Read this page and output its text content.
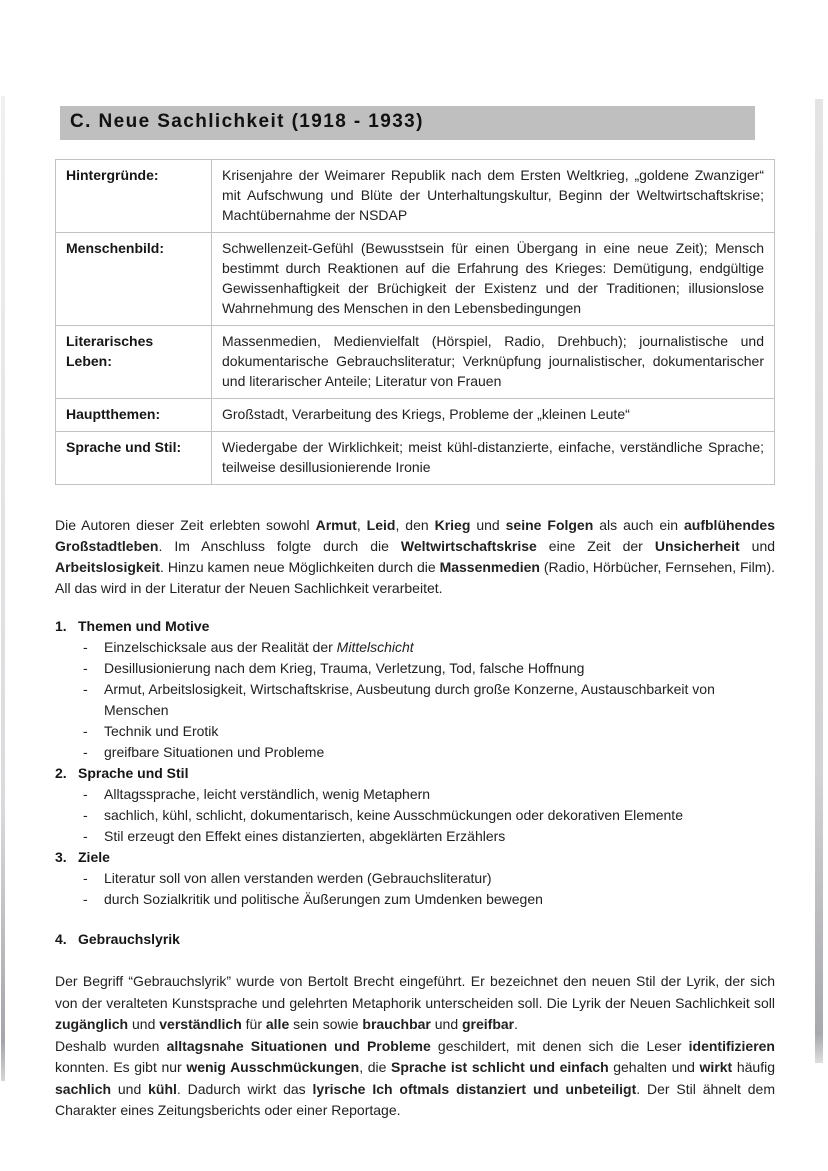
C. Neue Sachlichkeit (1918 - 1933)
Hintergründe:	Krisenjahre der Weimarer Republik nach dem Ersten Weltkrieg, „goldene Zwanziger“ mit Aufschwung und Blüte der Unterhaltungskultur, Beginn der Weltwirtschaftskrise; Machtübernahme der NSDAP
Menschenbild:	Schwellenzeit-Gefühl (Bewusstsein für einen Übergang in eine neue Zeit); Mensch bestimmt durch Reaktionen auf die Erfahrung des Krieges: Demütigung, endgültige Gewissenhaftigkeit der Brüchigkeit der Existenz und der Traditionen; illusionslose Wahrnehmung des Menschen in den Lebensbedingungen
Literarisches Leben:	Massenmedien, Medienvielfalt (Hörspiel, Radio, Drehbuch); journalistische und dokumentarische Gebrauchsliteratur; Verknüpfung journalistischer, dokumentarischer und literarischer Anteile; Literatur von Frauen
Hauptthemen:	Großstadt, Verarbeitung des Kriegs, Probleme der „kleinen Leute“
Sprache und Stil:	Wiedergabe der Wirklichkeit; meist kühl-distanzierte, einfache, verständliche Sprache; teilweise desillusionierende Ironie

Die Autoren dieser Zeit erlebten sowohl Armut, Leid, den Krieg und seine Folgen als auch ein aufblühendes Großstadtleben. Im Anschluss folgte durch die Weltwirtschaftskrise eine Zeit der Unsicherheit und Arbeitslosigkeit. Hinzu kamen neue Möglichkeiten durch die Massenmedien (Radio, Hörbücher, Fernsehen, Film). All das wird in der Literatur der Neuen Sachlichkeit verarbeitet.

1. Themen und Motive
-	Einzelschicksale aus der Realität der Mittelschicht
-	Desillusionierung nach dem Krieg, Trauma, Verletzung, Tod, falsche Hoffnung
-	Armut, Arbeitslosigkeit, Wirtschaftskrise, Ausbeutung durch große Konzerne, Austauschbarkeit von Menschen
-	Technik und Erotik
-	greifbare Situationen und Probleme
2. Sprache und Stil
-	Alltagssprache, leicht verständlich, wenig Metaphern
-	sachlich, kühl, schlicht, dokumentarisch, keine Ausschmückungen oder dekorativen Elemente
-	Stil erzeugt den Effekt eines distanzierten, abgeklärten Erzählers
3. Ziele
-	Literatur soll von allen verstanden werden (Gebrauchsliteratur)
-	durch Sozialkritik und politische Äußerungen zum Umdenken bewegen
4. Gebrauchslyrik

Der Begriff “Gebrauchslyrik” wurde von Bertolt Brecht eingeführt. Er bezeichnet den neuen Stil der Lyrik, der sich von der veralteten Kunstsprache und gelehrten Metaphorik unterscheiden soll. Die Lyrik der Neuen Sachlichkeit soll zugänglich und verständlich für alle sein sowie brauchbar und greifbar.

Deshalb wurden alltagsnahe Situationen und Probleme geschildert, mit denen sich die Leser identifizieren konnten. Es gibt nur wenig Ausschmückungen, die Sprache ist schlicht und einfach gehalten und wirkt häufig sachlich und kühl. Dadurch wirkt das lyrische Ich oftmals distanziert und unbeteiligt. Der Stil ähnelt dem Charakter eines Zeitungsberichts oder einer Reportage.
